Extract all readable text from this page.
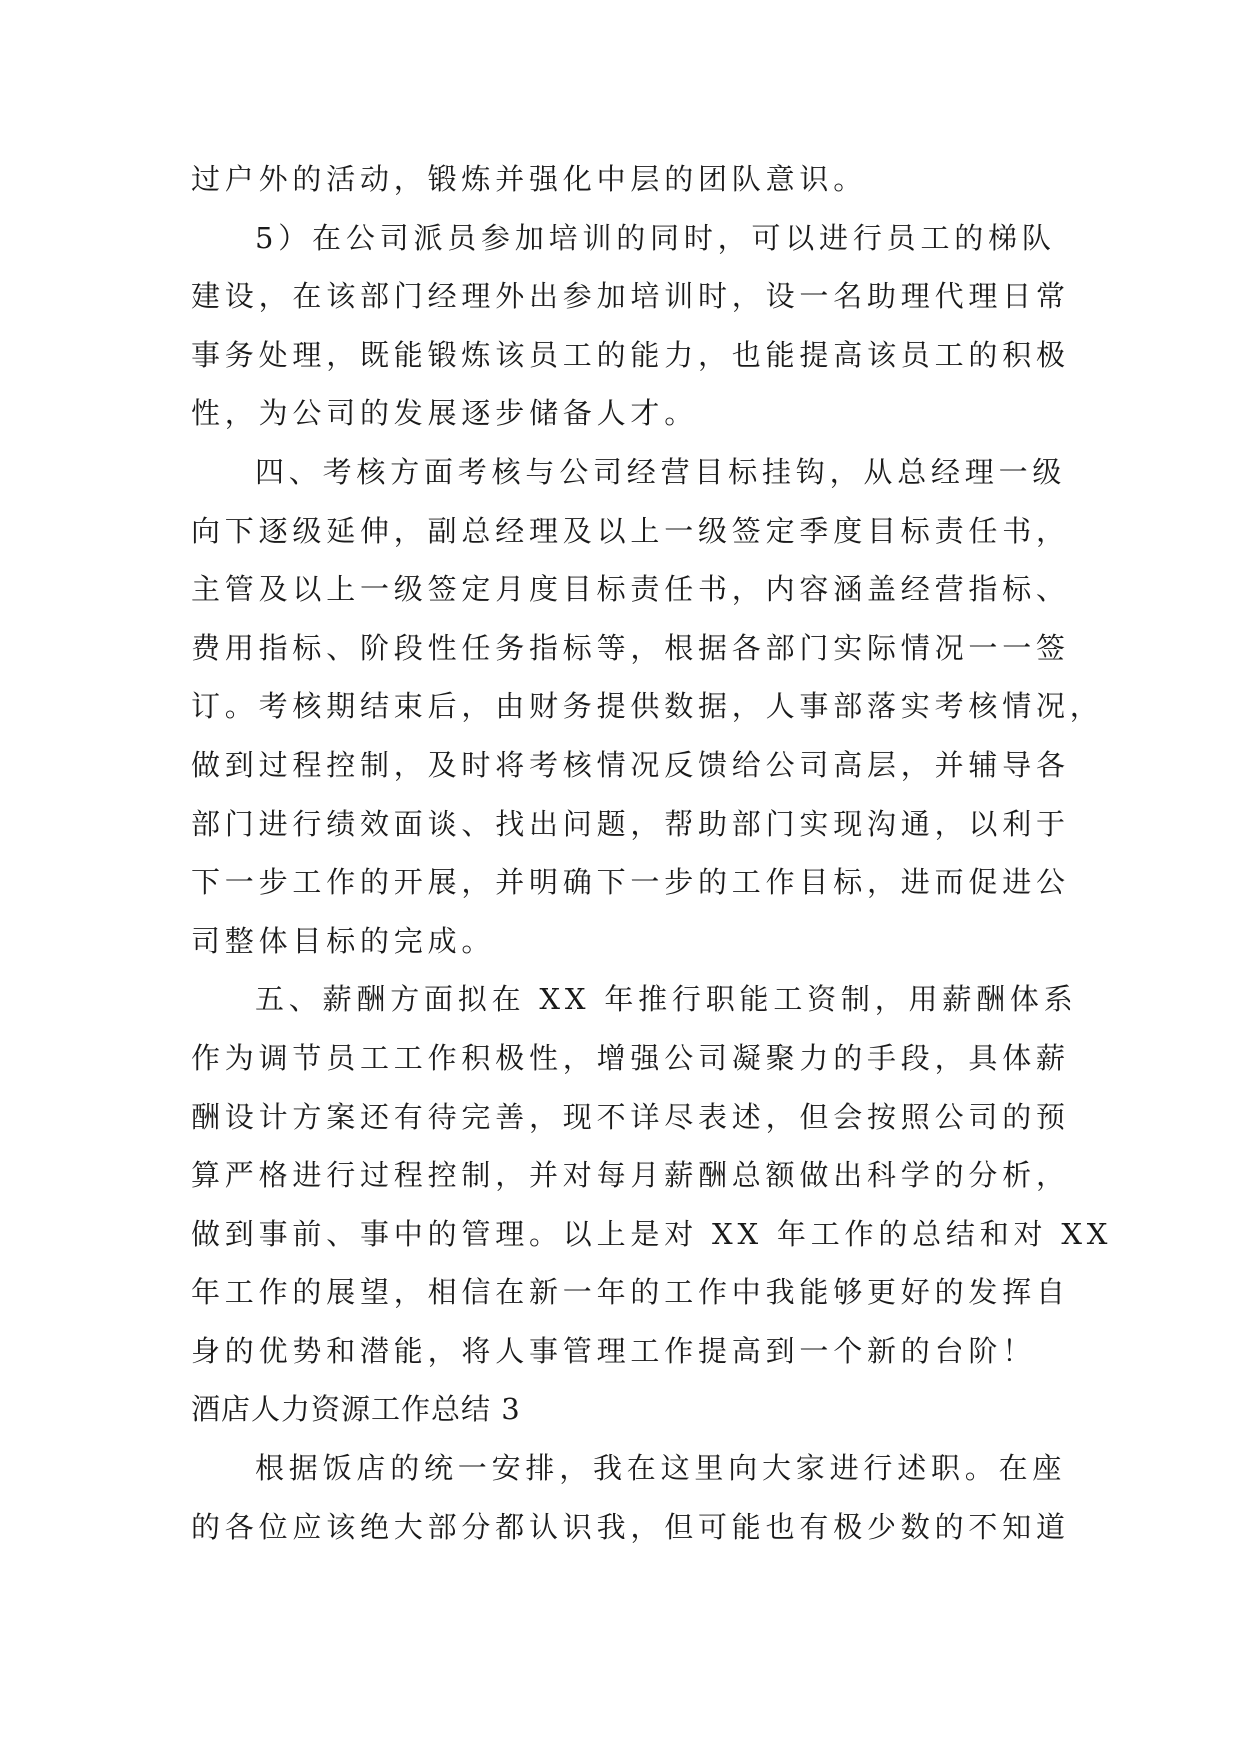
过户外的活动，锻炼并强化中层的团队意识。
5）在公司派员参加培训的同时，可以进行员工的梯队
建设，在该部门经理外出参加培训时，设一名助理代理日常
事务处理，既能锻炼该员工的能力，也能提高该员工的积极
性，为公司的发展逐步储备人才。
四、考核方面考核与公司经营目标挂钩，从总经理一级
向下逐级延伸，副总经理及以上一级签定季度目标责任书，
主管及以上一级签定月度目标责任书，内容涵盖经营指标、
费用指标、阶段性任务指标等，根据各部门实际情况一一签
订。考核期结束后，由财务提供数据，人事部落实考核情况，
做到过程控制，及时将考核情况反馈给公司高层，并辅导各
部门进行绩效面谈、找出问题，帮助部门实现沟通，以利于
下一步工作的开展，并明确下一步的工作目标，进而促进公
司整体目标的完成。
五、薪酬方面拟在 XX 年推行职能工资制，用薪酬体系
作为调节员工工作积极性，增强公司凝聚力的手段，具体薪
酬设计方案还有待完善，现不详尽表述，但会按照公司的预
算严格进行过程控制，并对每月薪酬总额做出科学的分析，
做到事前、事中的管理。以上是对 XX 年工作的总结和对 XX
年工作的展望，相信在新一年的工作中我能够更好的发挥自
身的优势和潜能，将人事管理工作提高到一个新的台阶！
酒店人力资源工作总结 3
根据饭店的统一安排，我在这里向大家进行述职。在座
的各位应该绝大部分都认识我，但可能也有极少数的不知道
